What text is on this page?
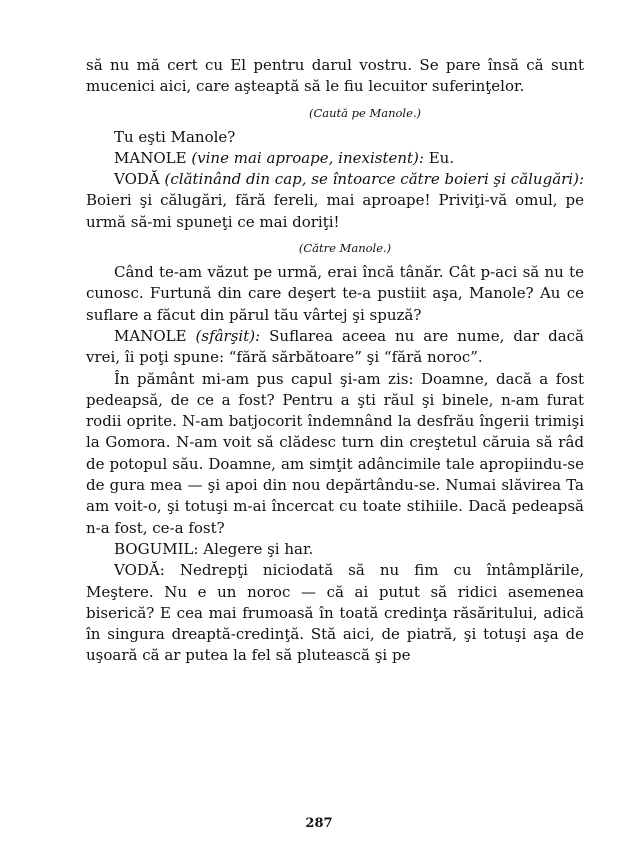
să nu mă cert cu El pentru darul vostru. Se pare însă că sunt mucenici aici, care aşteaptă să le fiu lecuitor suferinţelor.

(Caută pe Manole.)

Tu eşti Manole?

MANOLE (vine mai aproape, inexistent): Eu.

VODĂ (clătinând din cap, se întoarce către boieri şi călugări): Boieri şi călugări, fără fereli, mai aproape! Priviţi-vă omul, pe urmă să-mi spuneţi ce mai doriţi!

(Către Manole.)

Când te-am văzut pe urmă, erai încă tânăr. Cât p-aci să nu te cunosc. Furtună din care deşert te-a pustiit aşa, Manole? Au ce suflare a făcut din părul tău vârtej şi spuză?

MANOLE (sfârşit): Suflarea aceea nu are nume, dar dacă vrei, îi poţi spune: “fără sărbătoare” şi “fără noroc”.

În pământ mi-am pus capul şi-am zis: Doamne, dacă a fost pedeapsă, de ce a fost? Pentru a şti răul şi binele, n-am furat rodii oprite. N-am batjocorit îndemnând la desfrău îngerii trimişi la Gomora. N-am voit să clădesc turn din creştetul căruia să râd de potopul său. Doamne, am simţit adâncimile tale apropiindu-se de gura mea — şi apoi din nou depărtându-se. Numai slăvirea Ta am voit-o, şi totuşi m-ai încercat cu toate stihiile. Dacă pedeapsă n-a fost, ce-a fost?

BOGUMIL: Alegere şi har.

VODĂ: Nedrepţi niciodată să nu fim cu întâmplările, Meştere. Nu e un noroc — că ai putut să ridici asemenea biserică? E cea mai frumoasă în toată credinţa răsăritului, adică în singura dreaptă-credinţă. Stă aici, de piatră, şi totuşi aşa de uşoară că ar putea la fel să plutească şi pe

287
